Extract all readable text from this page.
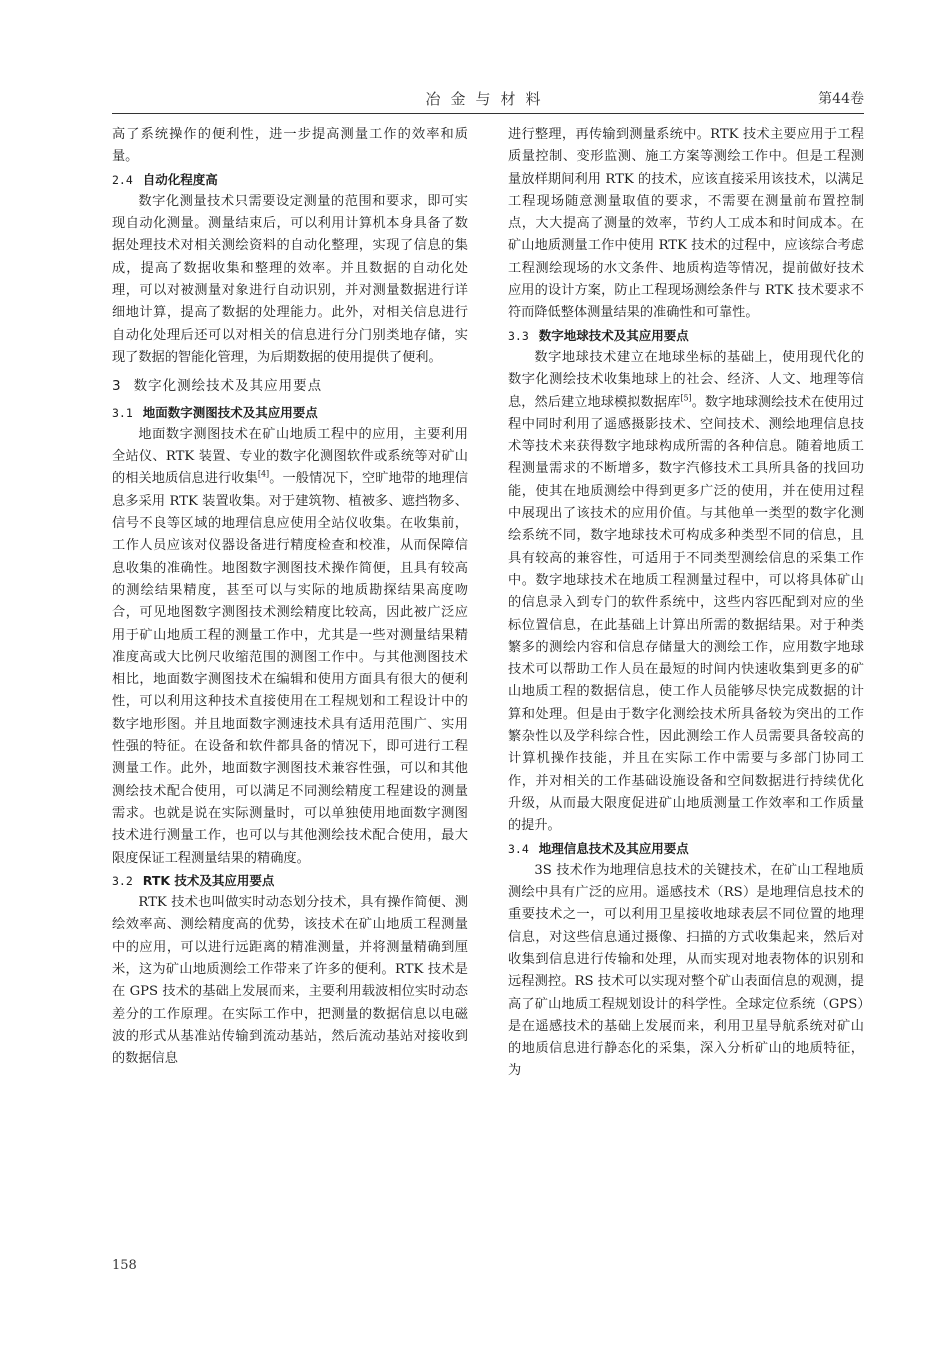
冶金与材料	第44卷

高了系统操作的便利性，进一步提高测量工作的效率和质量。

2.4 自动化程度高

数字化测量技术只需要设定测量的范围和要求，即可实现自动化测量。测量结束后，可以利用计算机本身具备了数据处理技术对相关测绘资料的自动化整理，实现了信息的集成，提高了数据收集和整理的效率。并且数据的自动化处理，可以对被测量对象进行自动识别，并对测量数据进行详细地计算，提高了数据的处理能力。此外，对相关信息进行自动化处理后还可以对相关的信息进行分门别类地存储，实现了数据的智能化管理，为后期数据的使用提供了便利。

3 数字化测绘技术及其应用要点
3.1 地面数字测图技术及其应用要点

地面数字测图技术在矿山地质工程中的应用，主要利用全站仪、RTK 装置、专业的数字化测图软件或系统等对矿山的相关地质信息进行收集[4]。一般情况下，空旷地带的地理信息多采用 RTK 装置收集。对于建筑物、植被多、遮挡物多、信号不良等区域的地理信息应使用全站仪收集。在收集前，工作人员应该对仪器设备进行精度检查和校准，从而保障信息收集的准确性。地图数字测图技术操作简便，且具有较高的测绘结果精度，甚至可以与实际的地质勘探结果高度吻合，可见地图数字测图技术测绘精度比较高，因此被广泛应用于矿山地质工程的测量工作中，尤其是一些对测量结果精准度高或大比例尺收缩范围的测图工作中。与其他测图技术相比，地面数字测图技术在编辑和使用方面具有很大的便利性，可以利用这种技术直接使用在工程规划和工程设计中的数字地形图。并且地面数字测速技术具有适用范围广、实用性强的特征。在设备和软件都具备的情况下，即可进行工程测量工作。此外，地面数字测图技术兼容性强，可以和其他测绘技术配合使用，可以满足不同测绘精度工程建设的测量需求。也就是说在实际测量时，可以单独使用地面数字测图技术进行测量工作，也可以与其他测绘技术配合使用，最大限度保证工程测量结果的精确度。

3.2 RTK 技术及其应用要点

RTK 技术也叫做实时动态划分技术，具有操作简便、测绘效率高、测绘精度高的优势，该技术在矿山地质工程测量中的应用，可以进行远距离的精准测量，并将测量精确到厘米，这为矿山地质测绘工作带来了许多的便利。RTK 技术是在 GPS 技术的基础上发展而来，主要利用载波相位实时动态差分的工作原理。在实际工作中，把测量的数据信息以电磁波的形式从基准站传输到流动基站，然后流动基站对接收到的数据信息

进行整理，再传输到测量系统中。RTK 技术主要应用于工程质量控制、变形监测、施工方案等测绘工作中。但是工程测量放样期间利用 RTK 的技术，应该直接采用该技术，以满足工程现场随意测量取值的要求，不需要在测量前布置控制点，大大提高了测量的效率，节约人工成本和时间成本。在矿山地质测量工作中使用 RTK 技术的过程中，应该综合考虑工程测绘现场的水文条件、地质构造等情况，提前做好技术应用的设计方案，防止工程现场测绘条件与 RTK 技术要求不符而降低整体测量结果的准确性和可靠性。

3.3 数字地球技术及其应用要点

数字地球技术建立在地球坐标的基础上，使用现代化的数字化测绘技术收集地球上的社会、经济、人文、地理等信息，然后建立地球模拟数据库[5]。数字地球测绘技术在使用过程中同时利用了遥感摄影技术、空间技术、测绘地理信息技术等技术来获得数字地球构成所需的各种信息。随着地质工程测量需求的不断增多，数字汽修技术工具所具备的找回功能，使其在地质测绘中得到更多广泛的使用，并在使用过程中展现出了该技术的应用价值。与其他单一类型的数字化测绘系统不同，数字地球技术可构成多种类型不同的信息，且具有较高的兼容性，可适用于不同类型测绘信息的采集工作中。数字地球技术在地质工程测量过程中，可以将具体矿山的信息录入到专门的软件系统中，这些内容匹配到对应的坐标位置信息，在此基础上计算出所需的数据结果。对于种类繁多的测绘内容和信息存储量大的测绘工作，应用数字地球技术可以帮助工作人员在最短的时间内快速收集到更多的矿山地质工程的数据信息，使工作人员能够尽快完成数据的计算和处理。但是由于数字化测绘技术所具备较为突出的工作繁杂性以及学科综合性，因此测绘工作人员需要具备较高的计算机操作技能，并且在实际工作中需要与多部门协同工作，并对相关的工作基础设施设备和空间数据进行持续优化升级，从而最大限度促进矿山地质测量工作效率和工作质量的提升。

3.4 地理信息技术及其应用要点

3S 技术作为地理信息技术的关键技术，在矿山工程地质测绘中具有广泛的应用。遥感技术（RS）是地理信息技术的重要技术之一，可以利用卫星接收地球表层不同位置的地理信息，对这些信息通过摄像、扫描的方式收集起来，然后对收集到信息进行传输和处理，从而实现对地表物体的识别和远程测控。RS 技术可以实现对整个矿山表面信息的观测，提高了矿山地质工程规划设计的科学性。全球定位系统（GPS）是在遥感技术的基础上发展而来，利用卫星导航系统对矿山的地质信息进行静态化的采集，深入分析矿山的地质特征，为

158
